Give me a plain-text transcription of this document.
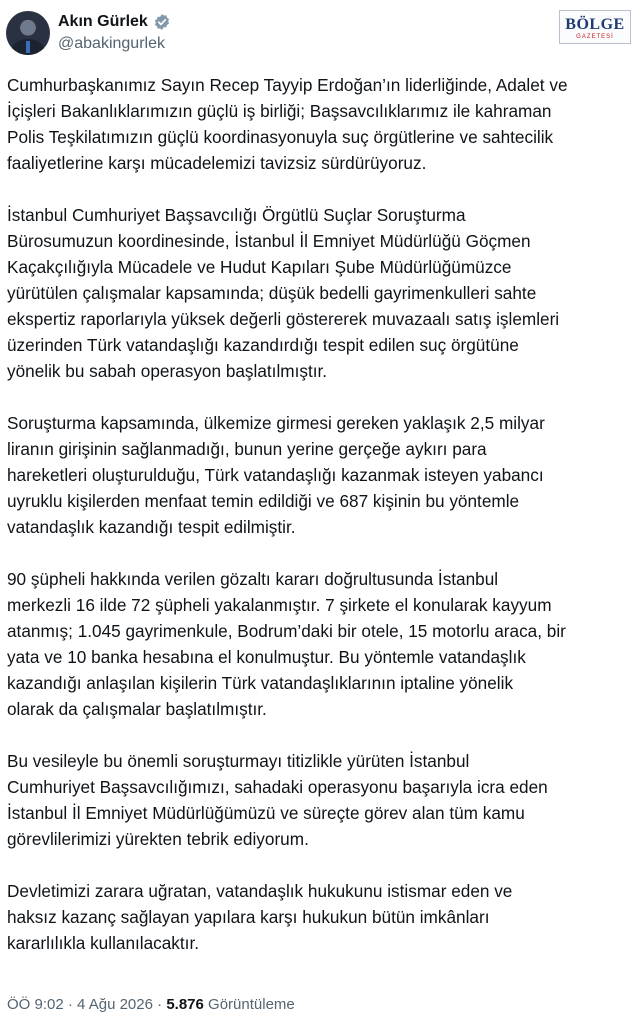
Akın Gürlek
@abakingurlek
BÖLGE
GAZETESİ

Cumhurbaşkanımız Sayın Recep Tayyip Erdoğan’ın liderliğinde, Adalet ve
İçişleri Bakanlıklarımızın güçlü iş birliği; Başsavcılıklarımız ile kahraman
Polis Teşkilatımızın güçlü koordinasyonuyla suç örgütlerine ve sahtecilik
faaliyetlerine karşı mücadelemizi tavizsiz sürdürüyoruz.

İstanbul Cumhuriyet Başsavcılığı Örgütlü Suçlar Soruşturma
Bürosumuzun koordinesinde, İstanbul İl Emniyet Müdürlüğü Göçmen
Kaçakçılığıyla Mücadele ve Hudut Kapıları Şube Müdürlüğümüzce
yürütülen çalışmalar kapsamında; düşük bedelli gayrimenkulleri sahte
ekspertiz raporlarıyla yüksek değerli göstererek muvazaalı satış işlemleri
üzerinden Türk vatandaşlığı kazandırdığı tespit edilen suç örgütüne
yönelik bu sabah operasyon başlatılmıştır.

Soruşturma kapsamında, ülkemize girmesi gereken yaklaşık 2,5 milyar
liranın girişinin sağlanmadığı, bunun yerine gerçeğe aykırı para
hareketleri oluşturulduğu, Türk vatandaşlığı kazanmak isteyen yabancı
uyruklu kişilerden menfaat temin edildiği ve 687 kişinin bu yöntemle
vatandaşlık kazandığı tespit edilmiştir.

90 şüpheli hakkında verilen gözaltı kararı doğrultusunda İstanbul
merkezli 16 ilde 72 şüpheli yakalanmıştır. 7 şirkete el konularak kayyum
atanmış; 1.045 gayrimenkule, Bodrum’daki bir otele, 15 motorlu araca, bir
yata ve 10 banka hesabına el konulmuştur. Bu yöntemle vatandaşlık
kazandığı anlaşılan kişilerin Türk vatandaşlıklarının iptaline yönelik
olarak da çalışmalar başlatılmıştır.

Bu vesileyle bu önemli soruşturmayı titizlikle yürüten İstanbul
Cumhuriyet Başsavcılığımızı, sahadaki operasyonu başarıyla icra eden
İstanbul İl Emniyet Müdürlüğümüzü ve süreçte görev alan tüm kamu
görevlilerimizi yürekten tebrik ediyorum.

Devletimizi zarara uğratan, vatandaşlık hukukunu istismar eden ve
haksız kazanç sağlayan yapılara karşı hukukun bütün imkânları
kararlılıkla kullanılacaktır.

ÖÖ 9:02 · 4 Ağu 2026 · 5.876 Görüntüleme
